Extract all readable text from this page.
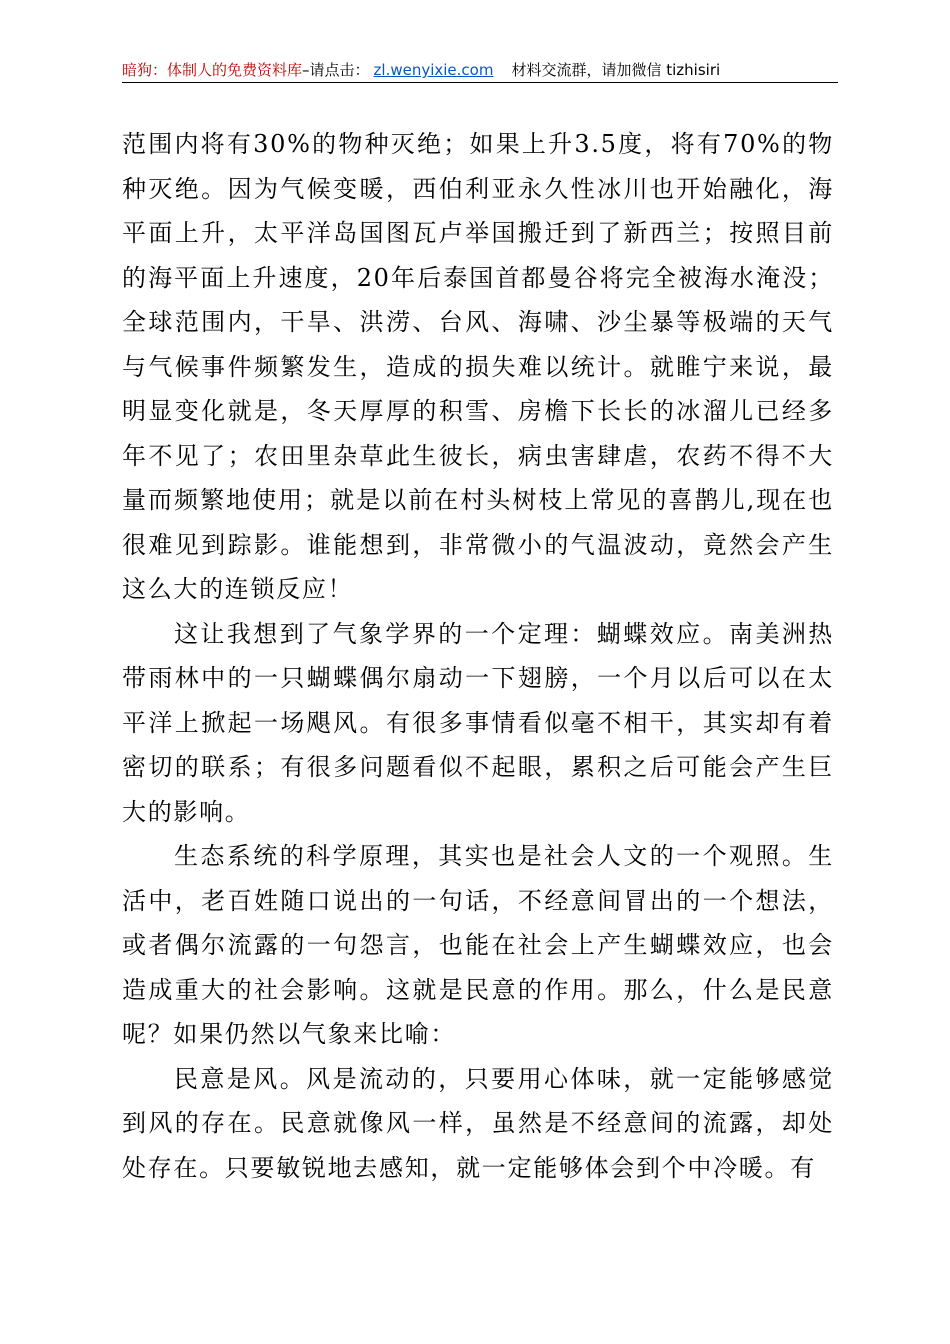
暗狗：体制人的免费资料库–请点击： zl.wenyixie.com 材料交流群，请加微信 tizhisiri

范围内将有30%的物种灭绝；如果上升3.5度，将有70%的物种灭绝。因为气候变暖，西伯利亚永久性冰川也开始融化，海平面上升，太平洋岛国图瓦卢举国搬迁到了新西兰；按照目前的海平面上升速度，20年后泰国首都曼谷将完全被海水淹没；全球范围内，干旱、洪涝、台风、海啸、沙尘暴等极端的天气与气候事件频繁发生，造成的损失难以统计。就睢宁来说，最明显变化就是，冬天厚厚的积雪、房檐下长长的冰溜儿已经多年不见了；农田里杂草此生彼长，病虫害肆虐，农药不得不大量而频繁地使用；就是以前在村头树枝上常见的喜鹊儿,现在也很难见到踪影。谁能想到，非常微小的气温波动，竟然会产生这么大的连锁反应！

这让我想到了气象学界的一个定理：蝴蝶效应。南美洲热带雨林中的一只蝴蝶偶尔扇动一下翅膀，一个月以后可以在太平洋上掀起一场飓风。有很多事情看似毫不相干，其实却有着密切的联系；有很多问题看似不起眼，累积之后可能会产生巨大的影响。

生态系统的科学原理，其实也是社会人文的一个观照。生活中，老百姓随口说出的一句话，不经意间冒出的一个想法，或者偶尔流露的一句怨言，也能在社会上产生蝴蝶效应，也会造成重大的社会影响。这就是民意的作用。那么，什么是民意呢？如果仍然以气象来比喻：

民意是风。风是流动的，只要用心体味，就一定能够感觉到风的存在。民意就像风一样，虽然是不经意间的流露，却处处存在。只要敏锐地去感知，就一定能够体会到个中冷暖。有
